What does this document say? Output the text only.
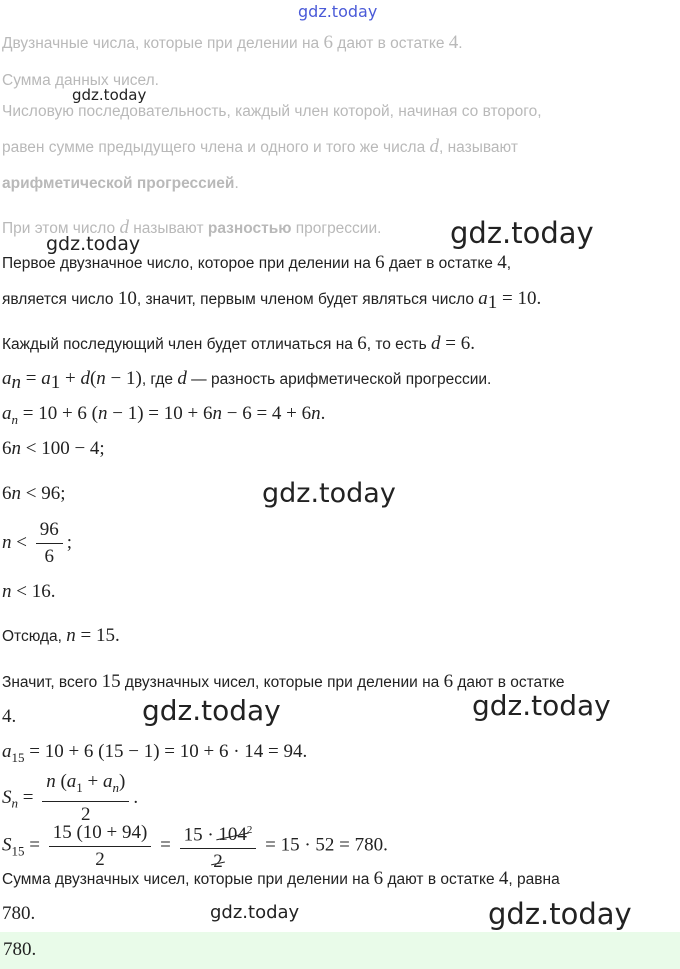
gdz.today
gdz.today
gdz.today
gdz.today
gdz.today
gdz.today	gdz.today
gdz.today	gdz.today
Двузначные числа, которые при делении на 6 дают в остатке 4.
Сумма данных чисел.
Числовую последовательность, каждый член которой, начиная со второго,
равен сумме предыдущего члена и одного и того же числа d, называют
арифметической прогрессией.
При этом число d называют разностью прогрессии.
Первое двузначное число, которое при делении на 6 дает в остатке 4,
является число 10, значит, первым членом будет являться число $a_1 = 10$.
Каждый последующий член будет отличаться на 6, то есть d = 6.
$a_n = a_1 + d(n - 1)$, где d — разность арифметической прогрессии.
$a_n = 10 + 6$ (n − 1) = 10 + 6n − 6 = 4 + 6n.
6n < 100 − 4;
6n < 96;
$n < \frac{96}{6}$ ;
n < 16.
Отсюда, n = 15.
Значит, всего 15 двузначных чисел, которые при делении на 6 дают в остатке
4.
$a_{15} = 10 + 6$ (15 − 1) = 10 + 6 · 14 = 94.
$S_n = \frac{n (a_1 + a_n)}{2}$ .
$S_{15} = \frac{15 (10 + 94)}{2} = \frac{15 \cdot 104^2}{2} = 15 \cdot 52 = 780$.
Сумма двузначных чисел, которые при делении на 6 дают в остатке 4, равна
780.
780.
